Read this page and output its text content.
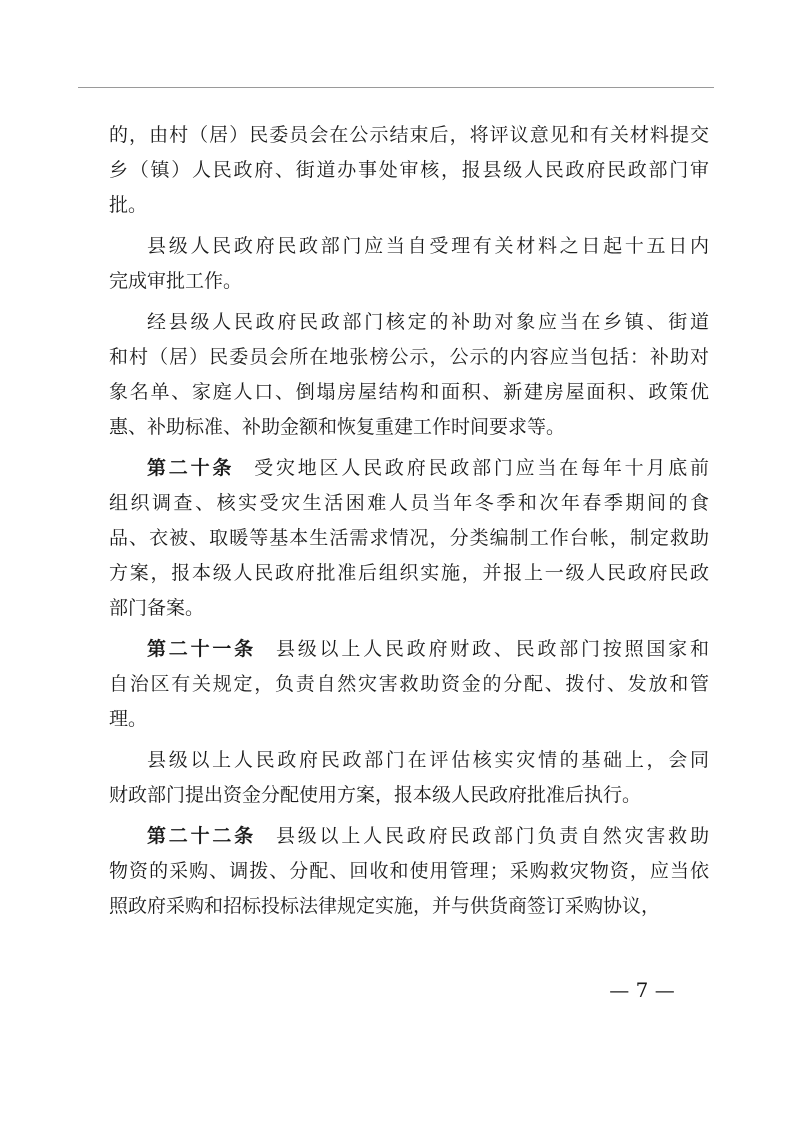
的，由村（居）民委员会在公示结束后，将评议意见和有关材料提交
乡（镇）人民政府、街道办事处审核，报县级人民政府民政部门审
批。
县级人民政府民政部门应当自受理有关材料之日起十五日内
完成审批工作。
经县级人民政府民政部门核定的补助对象应当在乡镇、街道
和村（居）民委员会所在地张榜公示，公示的内容应当包括：补助对
象名单、家庭人口、倒塌房屋结构和面积、新建房屋面积、政策优
惠、补助标准、补助金额和恢复重建工作时间要求等。
第二十条 受灾地区人民政府民政部门应当在每年十月底前
组织调查、核实受灾生活困难人员当年冬季和次年春季期间的食
品、衣被、取暖等基本生活需求情况，分类编制工作台帐，制定救助
方案，报本级人民政府批准后组织实施，并报上一级人民政府民政
部门备案。
第二十一条 县级以上人民政府财政、民政部门按照国家和
自治区有关规定，负责自然灾害救助资金的分配、拨付、发放和管
理。
县级以上人民政府民政部门在评估核实灾情的基础上，会同
财政部门提出资金分配使用方案，报本级人民政府批准后执行。
第二十二条 县级以上人民政府民政部门负责自然灾害救助
物资的采购、调拨、分配、回收和使用管理；采购救灾物资，应当依
照政府采购和招标投标法律规定实施，并与供货商签订采购协议，
— 7 —
